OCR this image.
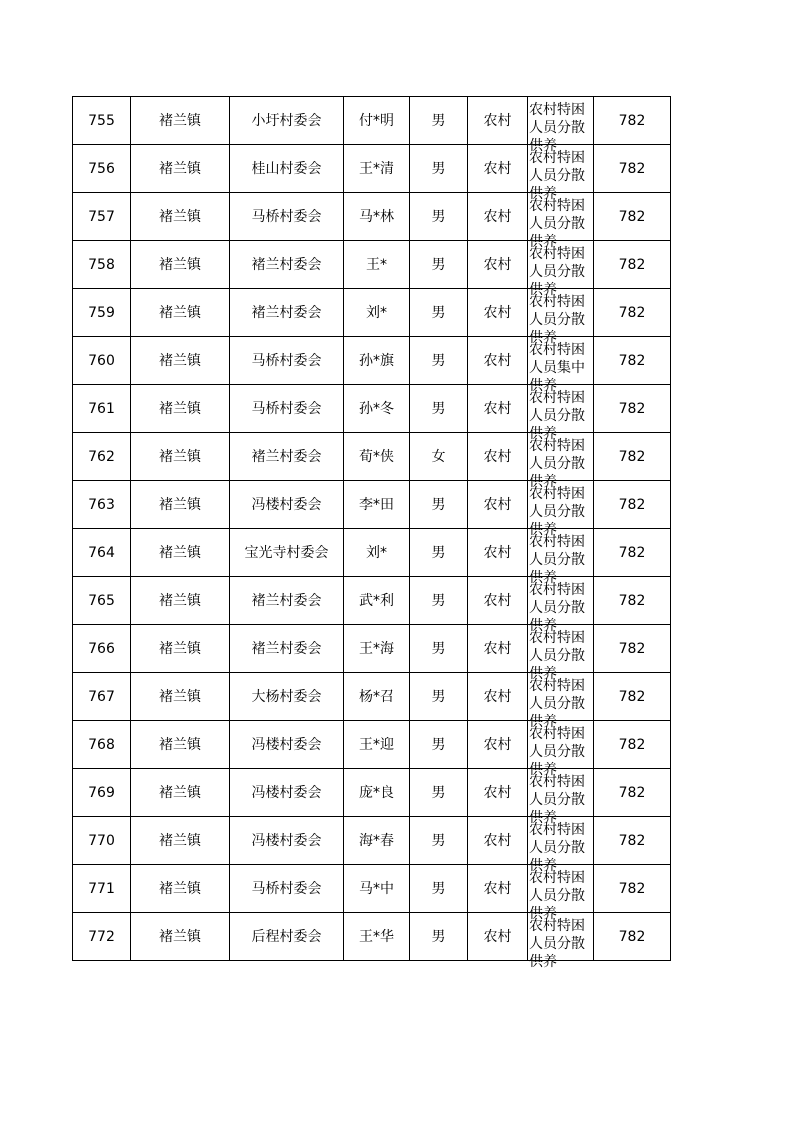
755	褚兰镇	小圩村委会	付*明	男	农村	农村特困人员分散供养	782
756	褚兰镇	桂山村委会	王*清	男	农村	农村特困人员分散供养	782
757	褚兰镇	马桥村委会	马*林	男	农村	农村特困人员分散供养	782
758	褚兰镇	褚兰村委会	王*	男	农村	农村特困人员分散供养	782
759	褚兰镇	褚兰村委会	刘*	男	农村	农村特困人员分散供养	782
760	褚兰镇	马桥村委会	孙*旗	男	农村	农村特困人员集中供养	782
761	褚兰镇	马桥村委会	孙*冬	男	农村	农村特困人员分散供养	782
762	褚兰镇	褚兰村委会	荀*侠	女	农村	农村特困人员分散供养	782
763	褚兰镇	冯楼村委会	李*田	男	农村	农村特困人员分散供养	782
764	褚兰镇	宝光寺村委会	刘*	男	农村	农村特困人员分散供养	782
765	褚兰镇	褚兰村委会	武*利	男	农村	农村特困人员分散供养	782
766	褚兰镇	褚兰村委会	王*海	男	农村	农村特困人员分散供养	782
767	褚兰镇	大杨村委会	杨*召	男	农村	农村特困人员分散供养	782
768	褚兰镇	冯楼村委会	王*迎	男	农村	农村特困人员分散供养	782
769	褚兰镇	冯楼村委会	庞*良	男	农村	农村特困人员分散供养	782
770	褚兰镇	冯楼村委会	海*春	男	农村	农村特困人员分散供养	782
771	褚兰镇	马桥村委会	马*中	男	农村	农村特困人员分散供养	782
772	褚兰镇	后程村委会	王*华	男	农村	农村特困人员分散供养	782
